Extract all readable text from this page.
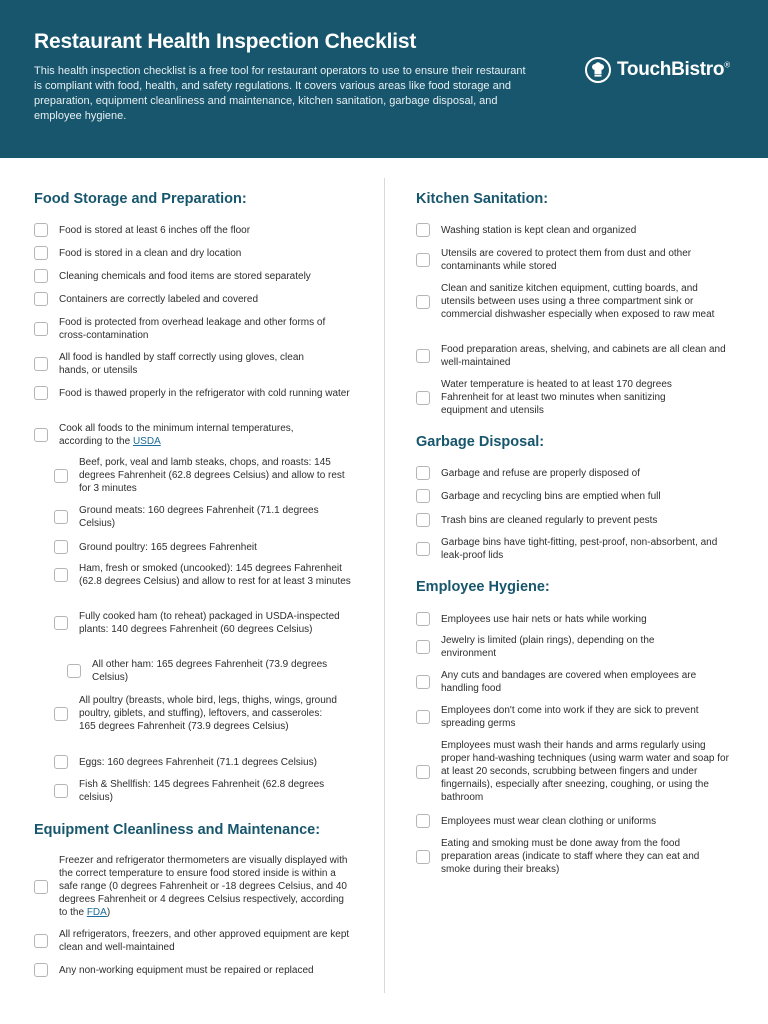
Restaurant Health Inspection Checklist

This health inspection checklist is a free tool for restaurant operators to use to ensure their restaurant is compliant with food, health, and safety regulations. It covers various areas like food storage and preparation, equipment cleanliness and maintenance, kitchen sanitation, garbage disposal, and employee hygiene.

TouchBistro®
Food Storage and Preparation:
Food is stored at least 6 inches off the floor
Food is stored in a clean and dry location
Cleaning chemicals and food items are stored separately
Containers are correctly labeled and covered
Food is protected from overhead leakage and other forms of cross-contamination
All food is handled by staff correctly using gloves, clean hands, or utensils
Food is thawed properly in the refrigerator with cold running water
Cook all foods to the minimum internal temperatures, according to the USDA
Beef, pork, veal and lamb steaks, chops, and roasts: 145 degrees Fahrenheit (62.8 degrees Celsius) and allow to rest for 3 minutes
Ground meats: 160 degrees Fahrenheit (71.1 degrees Celsius)
Ground poultry: 165 degrees Fahrenheit
Ham, fresh or smoked (uncooked): 145 degrees Fahrenheit (62.8 degrees Celsius) and allow to rest for at least 3 minutes
Fully cooked ham (to reheat) packaged in USDA-inspected plants: 140 degrees Fahrenheit (60 degrees Celsius)
All other ham: 165 degrees Fahrenheit (73.9 degrees Celsius)
All poultry (breasts, whole bird, legs, thighs, wings, ground poultry, giblets, and stuffing), leftovers, and casseroles: 165 degrees Fahrenheit (73.9 degrees Celsius)
Eggs: 160 degrees Fahrenheit (71.1 degrees Celsius)
Fish & Shellfish: 145 degrees Fahrenheit (62.8 degrees celsius)
Equipment Cleanliness and Maintenance:
Freezer and refrigerator thermometers are visually displayed with the correct temperature to ensure food stored inside is within a safe range (0 degrees Fahrenheit or -18 degrees Celsius, and 40 degrees Fahrenheit or 4 degrees Celsius respectively, according to the FDA)
All refrigerators, freezers, and other approved equipment are kept clean and well-maintained
Any non-working equipment must be repaired or replaced
Kitchen Sanitation:
Washing station is kept clean and organized
Utensils are covered to protect them from dust and other contaminants while stored
Clean and sanitize kitchen equipment, cutting boards, and utensils between uses using a three compartment sink or commercial dishwasher especially when exposed to raw meat
Food preparation areas, shelving, and cabinets are all clean and well-maintained
Water temperature is heated to at least 170 degrees Fahrenheit for at least two minutes when sanitizing equipment and utensils
Garbage Disposal:
Garbage and refuse are properly disposed of
Garbage and recycling bins are emptied when full
Trash bins are cleaned regularly to prevent pests
Garbage bins have tight-fitting, pest-proof, non-absorbent, and leak-proof lids
Employee Hygiene:
Employees use hair nets or hats while working
Jewelry is limited (plain rings), depending on the environment
Any cuts and bandages are covered when employees are handling food
Employees don't come into work if they are sick to prevent spreading germs
Employees must wash their hands and arms regularly using proper hand-washing techniques (using warm water and soap for at least 20 seconds, scrubbing between fingers and under fingernails), especially after sneezing, coughing, or using the bathroom
Employees must wear clean clothing or uniforms
Eating and smoking must be done away from the food preparation areas (indicate to staff where they can eat and smoke during their breaks)
